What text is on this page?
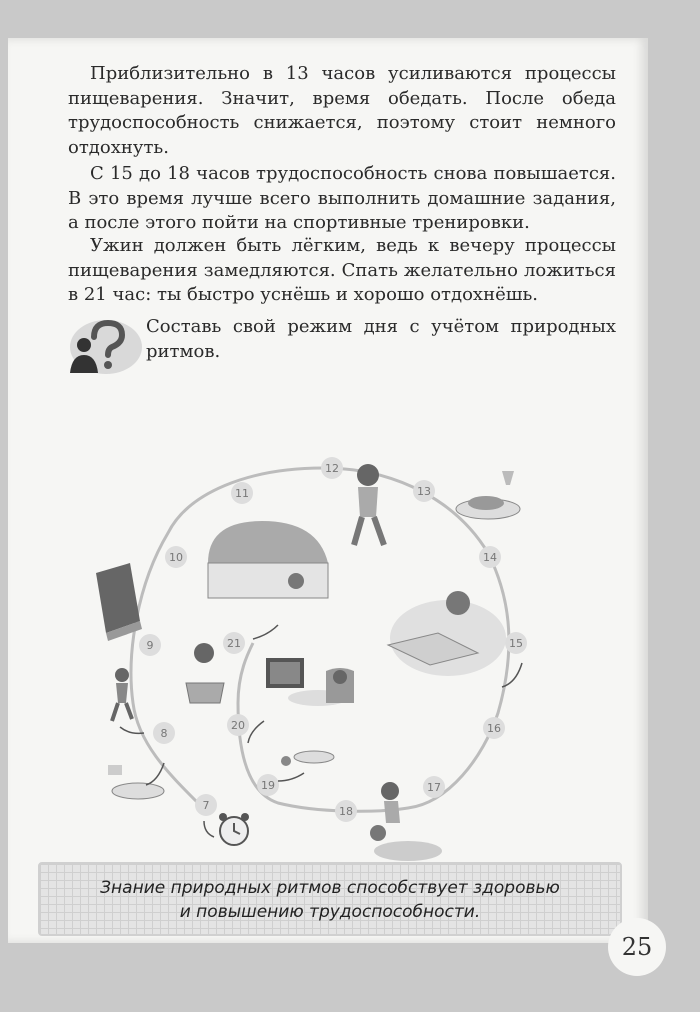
Приблизительно в 13 часов усиливаются процессы пищеварения. Значит, время обедать. После обеда трудоспособность снижается, поэтому стоит немного отдохнуть.

С 15 до 18 часов трудоспособность снова повышается. В это время лучше всего выполнить домашние задания, а после этого пойти на спортивные тренировки.

Ужин должен быть лёгким, ведь к вечеру процессы пищеварения замедляются. Спать желательно ложиться в 21 час: ты быстро уснёшь и хорошо отдохнёшь.

Составь свой режим дня с учётом природных ритмов.

7
8
9
10
11
12
13
14
15
16
17
18
19
20
21
Знание природных ритмов способствует здоровью
и повышению трудоспособности.
25
